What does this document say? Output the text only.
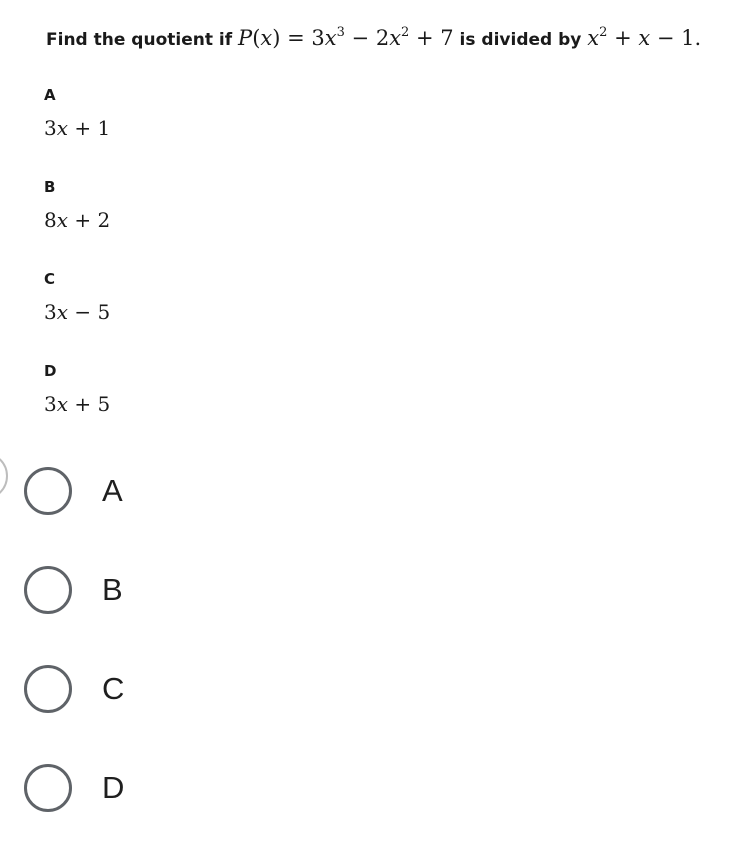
Find the quotient if $P(x) = 3x^3 - 2x^2 + 7$ is divided by $x^2 + x - 1$.
A
3x + 1
B
8x + 2
C
3x − 5
D
3x + 5
A
B
C
D
